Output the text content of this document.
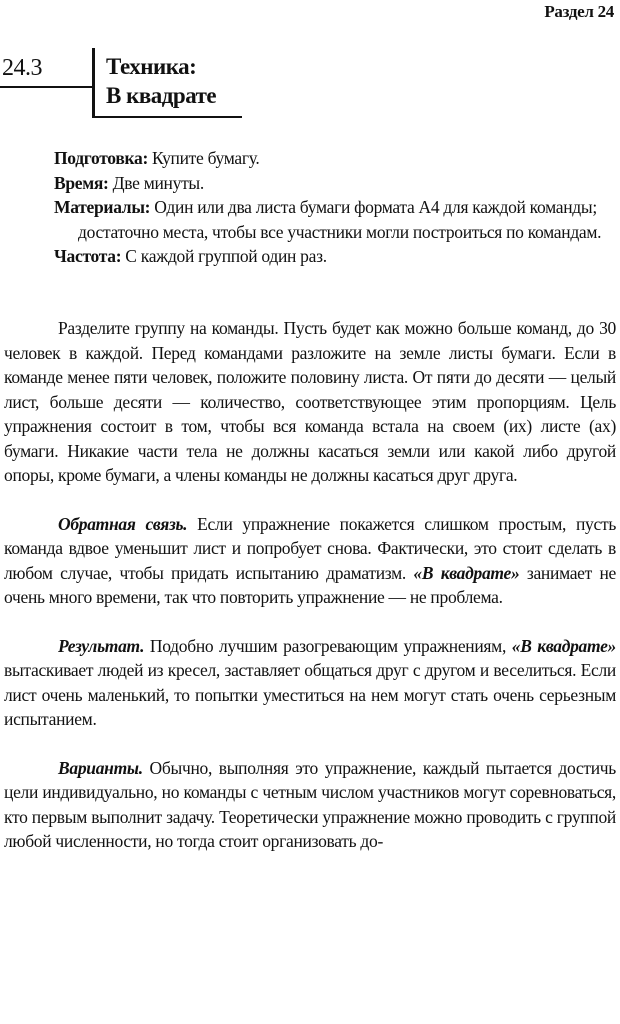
Раздел 24
24.3	Техника:
В квадрате

Подготовка: Купите бумагу.

Время: Две минуты.

Материалы: Один или два листа бумаги формата А4 для каждой команды; достаточно места, чтобы все участники могли построиться по командам.

Частота: С каждой группой один раз.

Разделите группу на команды. Пусть будет как можно больше команд, до 30 человек в каждой. Перед командами разложите на земле листы бумаги. Если в команде менее пяти человек, положите половину листа. От пяти до десяти — целый лист, больше десяти — количество, соответствующее этим пропорциям. Цель упражнения состоит в том, чтобы вся команда встала на своем (их) листе (ах) бумаги. Никакие части тела не должны касаться земли или какой либо другой опоры, кроме бумаги, а члены команды не должны касаться друг друга.

Обратная связь. Если упражнение покажется слишком простым, пусть команда вдвое уменьшит лист и попробует снова. Фактически, это стоит сделать в любом случае, чтобы придать испытанию драматизм. «В квадрате» занимает не очень много времени, так что повторить упражнение — не проблема.

Результат. Подобно лучшим разогревающим упражнениям, «В квадрате» вытаскивает людей из кресел, заставляет общаться друг с другом и веселиться. Если лист очень маленький, то попытки уместиться на нем могут стать очень серьезным испытанием.

Варианты. Обычно, выполняя это упражнение, каждый пытается достичь цели индивидуально, но команды с четным числом участников могут соревноваться, кто первым выполнит задачу. Теоретически упражнение можно проводить с группой любой численности, но тогда стоит организовать до-
